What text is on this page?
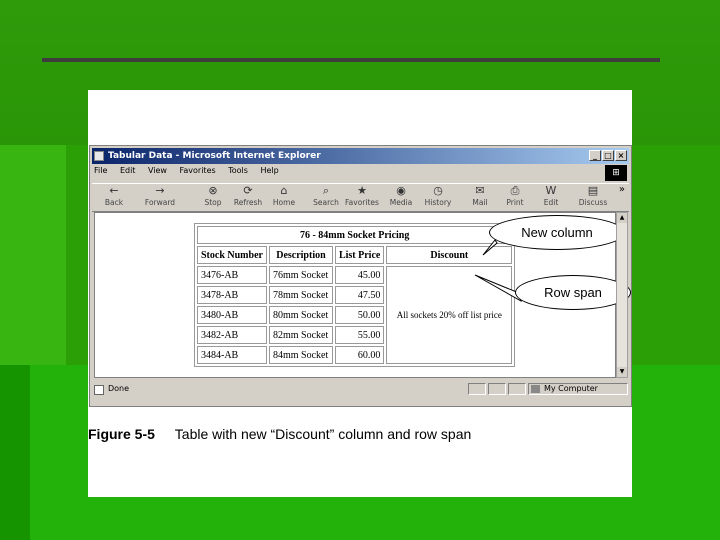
Tabular Data - Microsoft Internet Explorer	_ □ ×
File Edit View Favorites Tools Help	⊞
←
Back
→
Forward
⊗
Stop
⟳
Refresh
⌂
Home
⌕
Search
★
Favorites
◉
Media
◷
History
✉
Mail
⎙
Print
W
Edit
▤
Discuss
»
76 - 84mm Socket Pricing			
Stock Number	Description	List Price	Discount
3476-AB	76mm Socket	45.00	All sockets 20% off list price
3478-AB	78mm Socket	47.50	
3480-AB	80mm Socket	50.00	
3482-AB	82mm Socket	55.00	
3484-AB	84mm Socket	60.00	
New column
Row span
▲
▼
Done	My Computer
Figure 5-5 Table with new “Discount” column and row span
